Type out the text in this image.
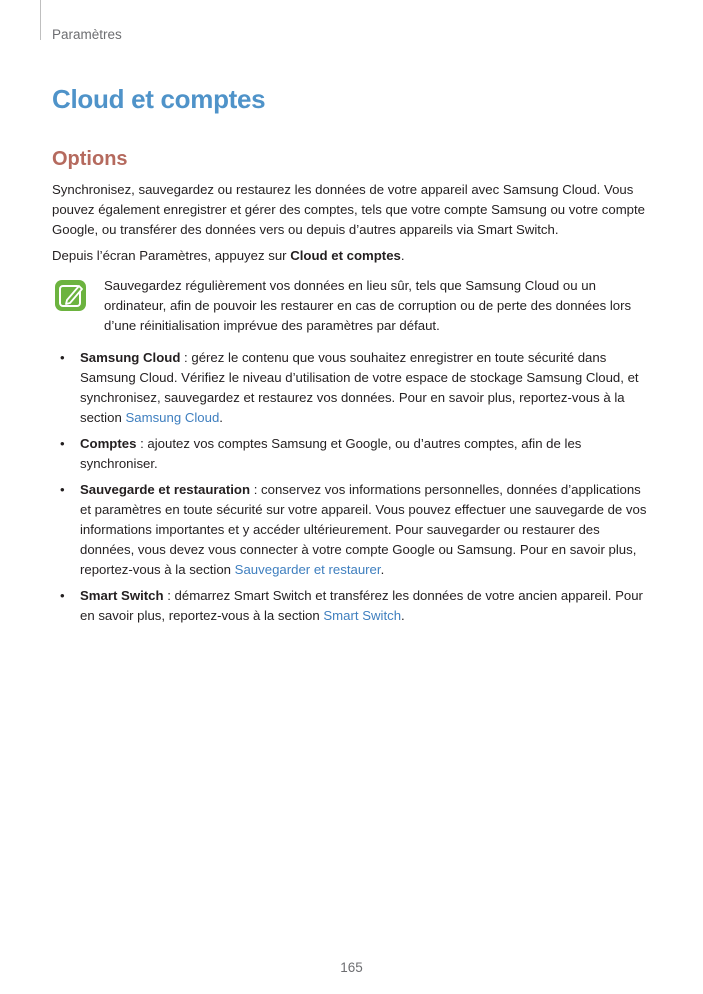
Paramètres
Cloud et comptes
Options

Synchronisez, sauvegardez ou restaurez les données de votre appareil avec Samsung Cloud. Vous pouvez également enregistrer et gérer des comptes, tels que votre compte Samsung ou votre compte Google, ou transférer des données vers ou depuis d’autres appareils via Smart Switch.

Depuis l’écran Paramètres, appuyez sur Cloud et comptes.

Sauvegardez régulièrement vos données en lieu sûr, tels que Samsung Cloud ou un ordinateur, afin de pouvoir les restaurer en cas de corruption ou de perte des données lors d’une réinitialisation imprévue des paramètres par défaut.
• Samsung Cloud : gérez le contenu que vous souhaitez enregistrer en toute sécurité dans Samsung Cloud. Vérifiez le niveau d’utilisation de votre espace de stockage Samsung Cloud, et synchronisez, sauvegardez et restaurez vos données. Pour en savoir plus, reportez-vous à la section Samsung Cloud.
• Comptes : ajoutez vos comptes Samsung et Google, ou d’autres comptes, afin de les synchroniser.
• Sauvegarde et restauration : conservez vos informations personnelles, données d’applications et paramètres en toute sécurité sur votre appareil. Vous pouvez effectuer une sauvegarde de vos informations importantes et y accéder ultérieurement. Pour sauvegarder ou restaurer des données, vous devez vous connecter à votre compte Google ou Samsung. Pour en savoir plus, reportez-vous à la section Sauvegarder et restaurer.
• Smart Switch : démarrez Smart Switch et transférez les données de votre ancien appareil. Pour en savoir plus, reportez-vous à la section Smart Switch.
165
